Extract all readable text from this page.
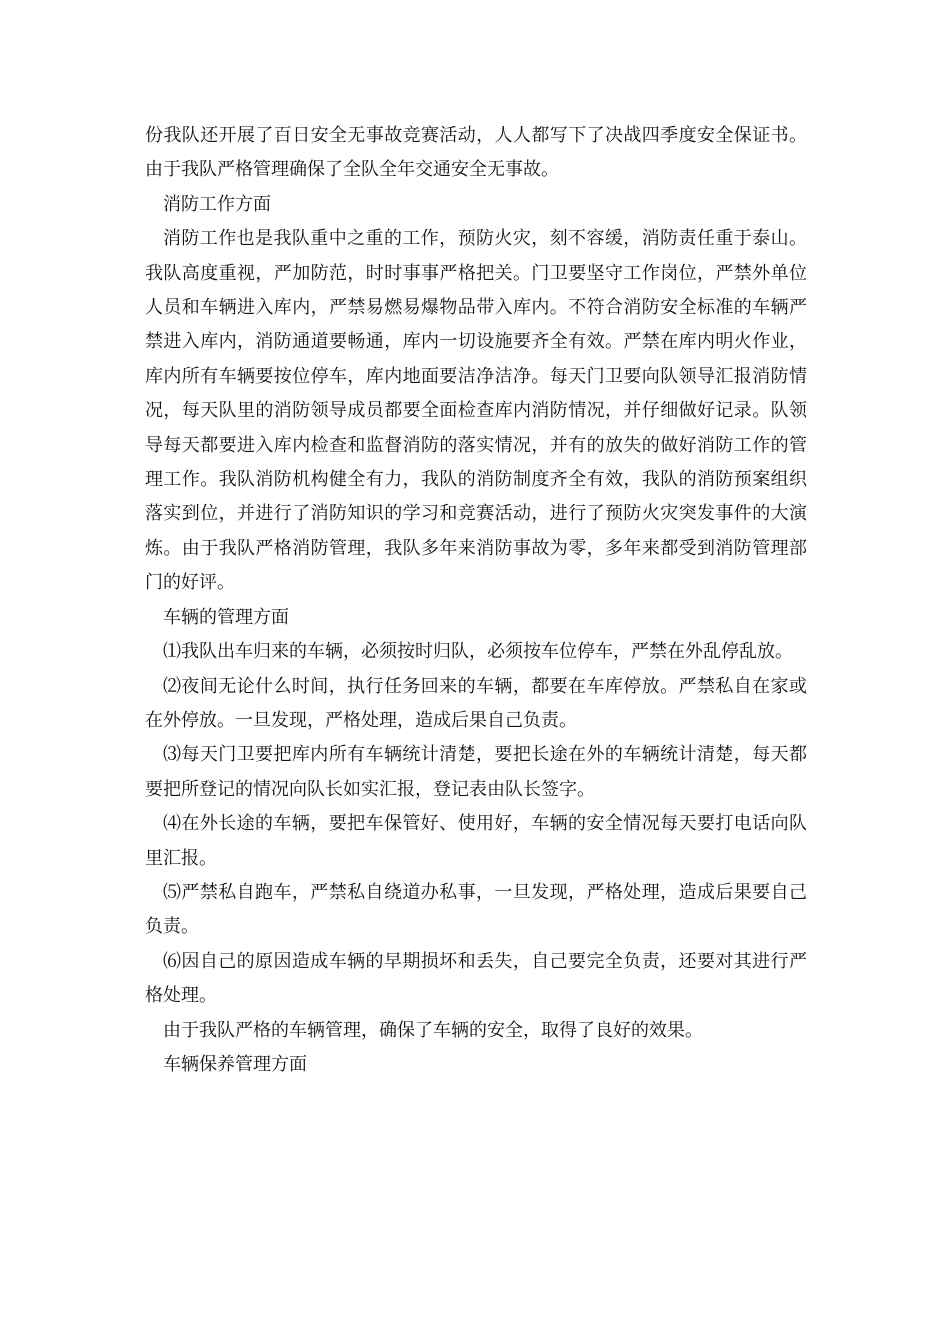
份我队还开展了百日安全无事故竞赛活动，人人都写下了决战四季度安全保证书。由于我队严格管理确保了全队全年交通安全无事故。

消防工作方面

消防工作也是我队重中之重的工作，预防火灾，刻不容缓，消防责任重于泰山。我队高度重视，严加防范，时时事事严格把关。门卫要坚守工作岗位，严禁外单位人员和车辆进入库内，严禁易燃易爆物品带入库内。不符合消防安全标准的车辆严禁进入库内，消防通道要畅通，库内一切设施要齐全有效。严禁在库内明火作业，库内所有车辆要按位停车，库内地面要洁净洁净。每天门卫要向队领导汇报消防情况，每天队里的消防领导成员都要全面检查库内消防情况，并仔细做好记录。队领导每天都要进入库内检查和监督消防的落实情况，并有的放失的做好消防工作的管理工作。我队消防机构健全有力，我队的消防制度齐全有效，我队的消防预案组织落实到位，并进行了消防知识的学习和竞赛活动，进行了预防火灾突发事件的大演炼。由于我队严格消防管理，我队多年来消防事故为零，多年来都受到消防管理部门的好评。

车辆的管理方面

⑴我队出车归来的车辆，必须按时归队，必须按车位停车，严禁在外乱停乱放。

⑵夜间无论什么时间，执行任务回来的车辆，都要在车库停放。严禁私自在家或在外停放。一旦发现，严格处理，造成后果自己负责。

⑶每天门卫要把库内所有车辆统计清楚，要把长途在外的车辆统计清楚，每天都要把所登记的情况向队长如实汇报，登记表由队长签字。

⑷在外长途的车辆，要把车保管好、使用好，车辆的安全情况每天要打电话向队里汇报。

⑸严禁私自跑车，严禁私自绕道办私事，一旦发现，严格处理，造成后果要自己负责。

⑹因自己的原因造成车辆的早期损坏和丢失，自己要完全负责，还要对其进行严格处理。

由于我队严格的车辆管理，确保了车辆的安全，取得了良好的效果。

车辆保养管理方面
